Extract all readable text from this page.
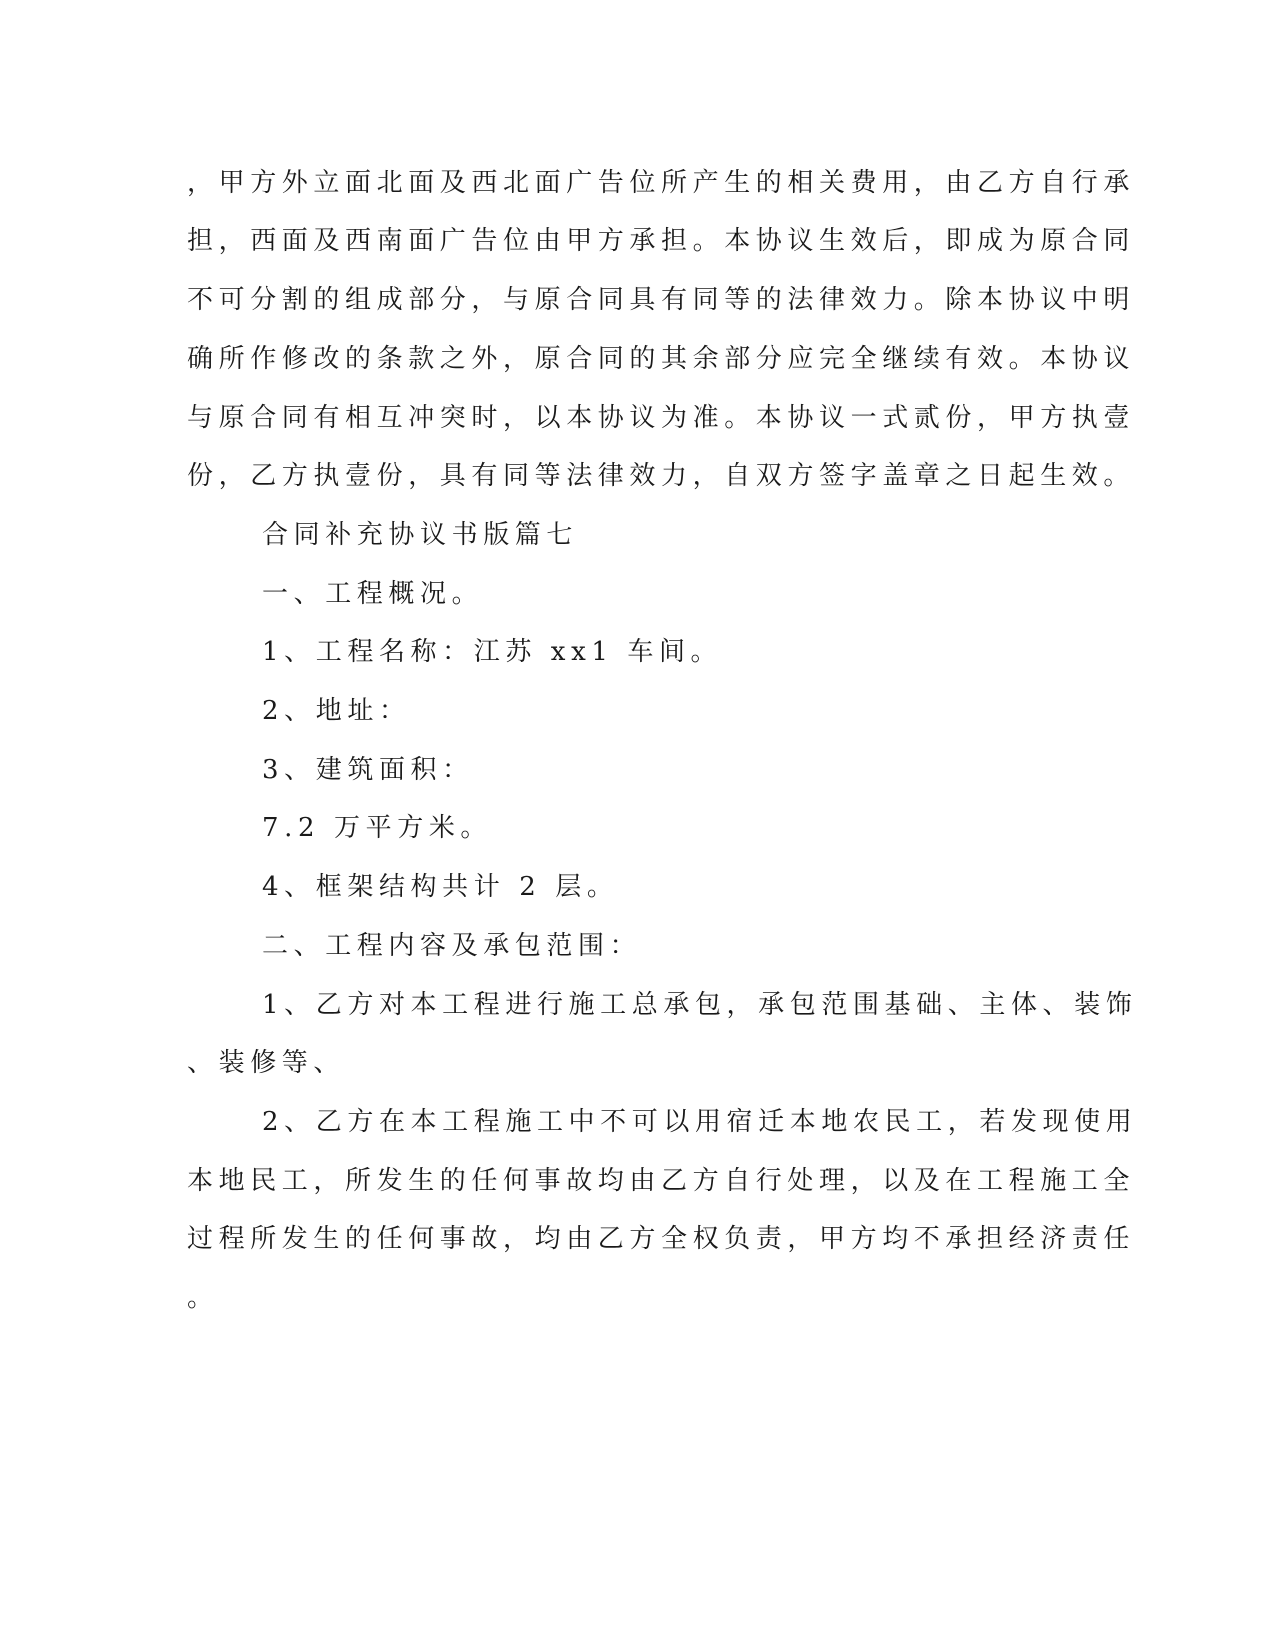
，甲方外立面北面及西北面广告位所产生的相关费用，由乙方自行承
担，西面及西南面广告位由甲方承担。本协议生效后，即成为原合同
不可分割的组成部分，与原合同具有同等的法律效力。除本协议中明
确所作修改的条款之外，原合同的其余部分应完全继续有效。本协议
与原合同有相互冲突时，以本协议为准。本协议一式贰份，甲方执壹
份，乙方执壹份，具有同等法律效力，自双方签字盖章之日起生效。
合同补充协议书版篇七
一、工程概况。
1、工程名称：江苏 xx1 车间。
2、地址：
3、建筑面积：
7.2 万平方米。
4、框架结构共计 2 层。
二、工程内容及承包范围：
1、乙方对本工程进行施工总承包，承包范围基础、主体、装饰
、装修等、
2、乙方在本工程施工中不可以用宿迁本地农民工，若发现使用
本地民工，所发生的任何事故均由乙方自行处理，以及在工程施工全
过程所发生的任何事故，均由乙方全权负责，甲方均不承担经济责任
。
